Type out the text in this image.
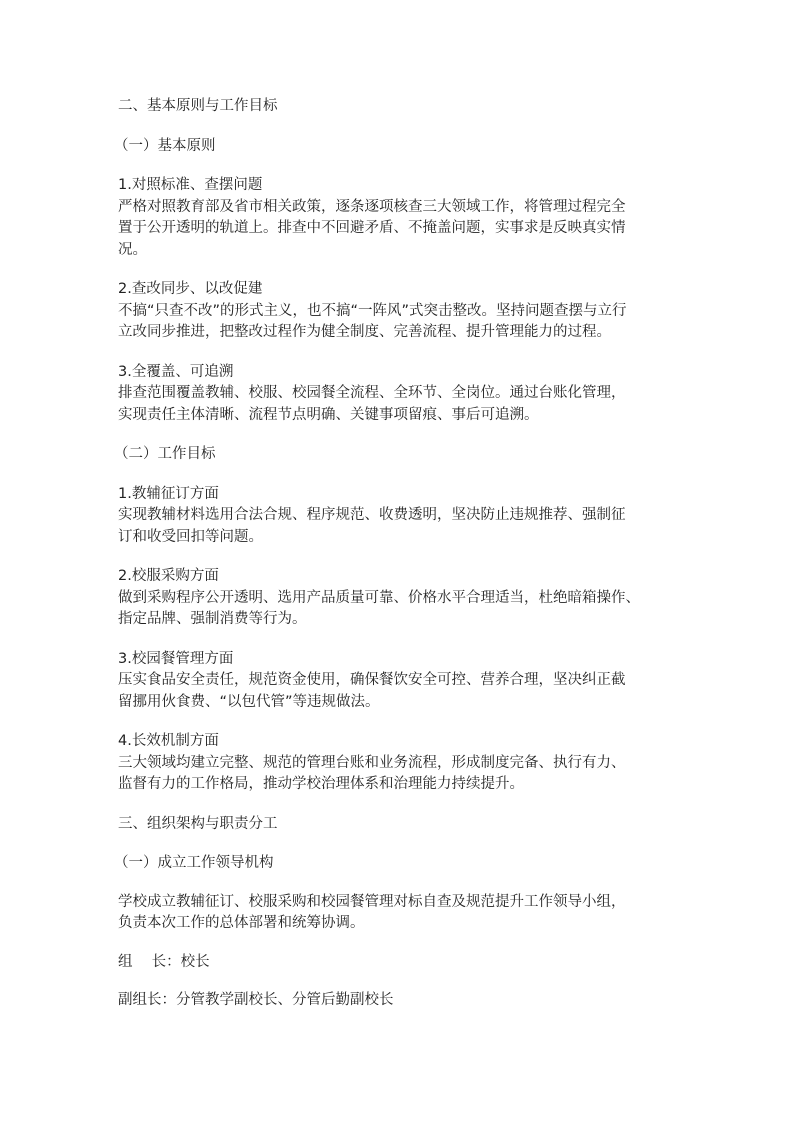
二、基本原则与工作目标
（一）基本原则
1.对照标准、查摆问题
严格对照教育部及省市相关政策，逐条逐项核查三大领域工作，将管理过程完全
置于公开透明的轨道上。排查中不回避矛盾、不掩盖问题，实事求是反映真实情
况。
2.查改同步、以改促建
不搞“只查不改”的形式主义，也不搞“一阵风”式突击整改。坚持问题查摆与立行
立改同步推进，把整改过程作为健全制度、完善流程、提升管理能力的过程。
3.全覆盖、可追溯
排查范围覆盖教辅、校服、校园餐全流程、全环节、全岗位。通过台账化管理，
实现责任主体清晰、流程节点明确、关键事项留痕、事后可追溯。
（二）工作目标
1.教辅征订方面
实现教辅材料选用合法合规、程序规范、收费透明，坚决防止违规推荐、强制征
订和收受回扣等问题。
2.校服采购方面
做到采购程序公开透明、选用产品质量可靠、价格水平合理适当，杜绝暗箱操作、
指定品牌、强制消费等行为。
3.校园餐管理方面
压实食品安全责任，规范资金使用，确保餐饮安全可控、营养合理，坚决纠正截
留挪用伙食费、“以包代管”等违规做法。
4.长效机制方面
三大领域均建立完整、规范的管理台账和业务流程，形成制度完备、执行有力、
监督有力的工作格局，推动学校治理体系和治理能力持续提升。
三、组织架构与职责分工
（一）成立工作领导机构
学校成立教辅征订、校服采购和校园餐管理对标自查及规范提升工作领导小组，
负责本次工作的总体部署和统筹协调。
组　 长：校长
副组长：分管教学副校长、分管后勤副校长
